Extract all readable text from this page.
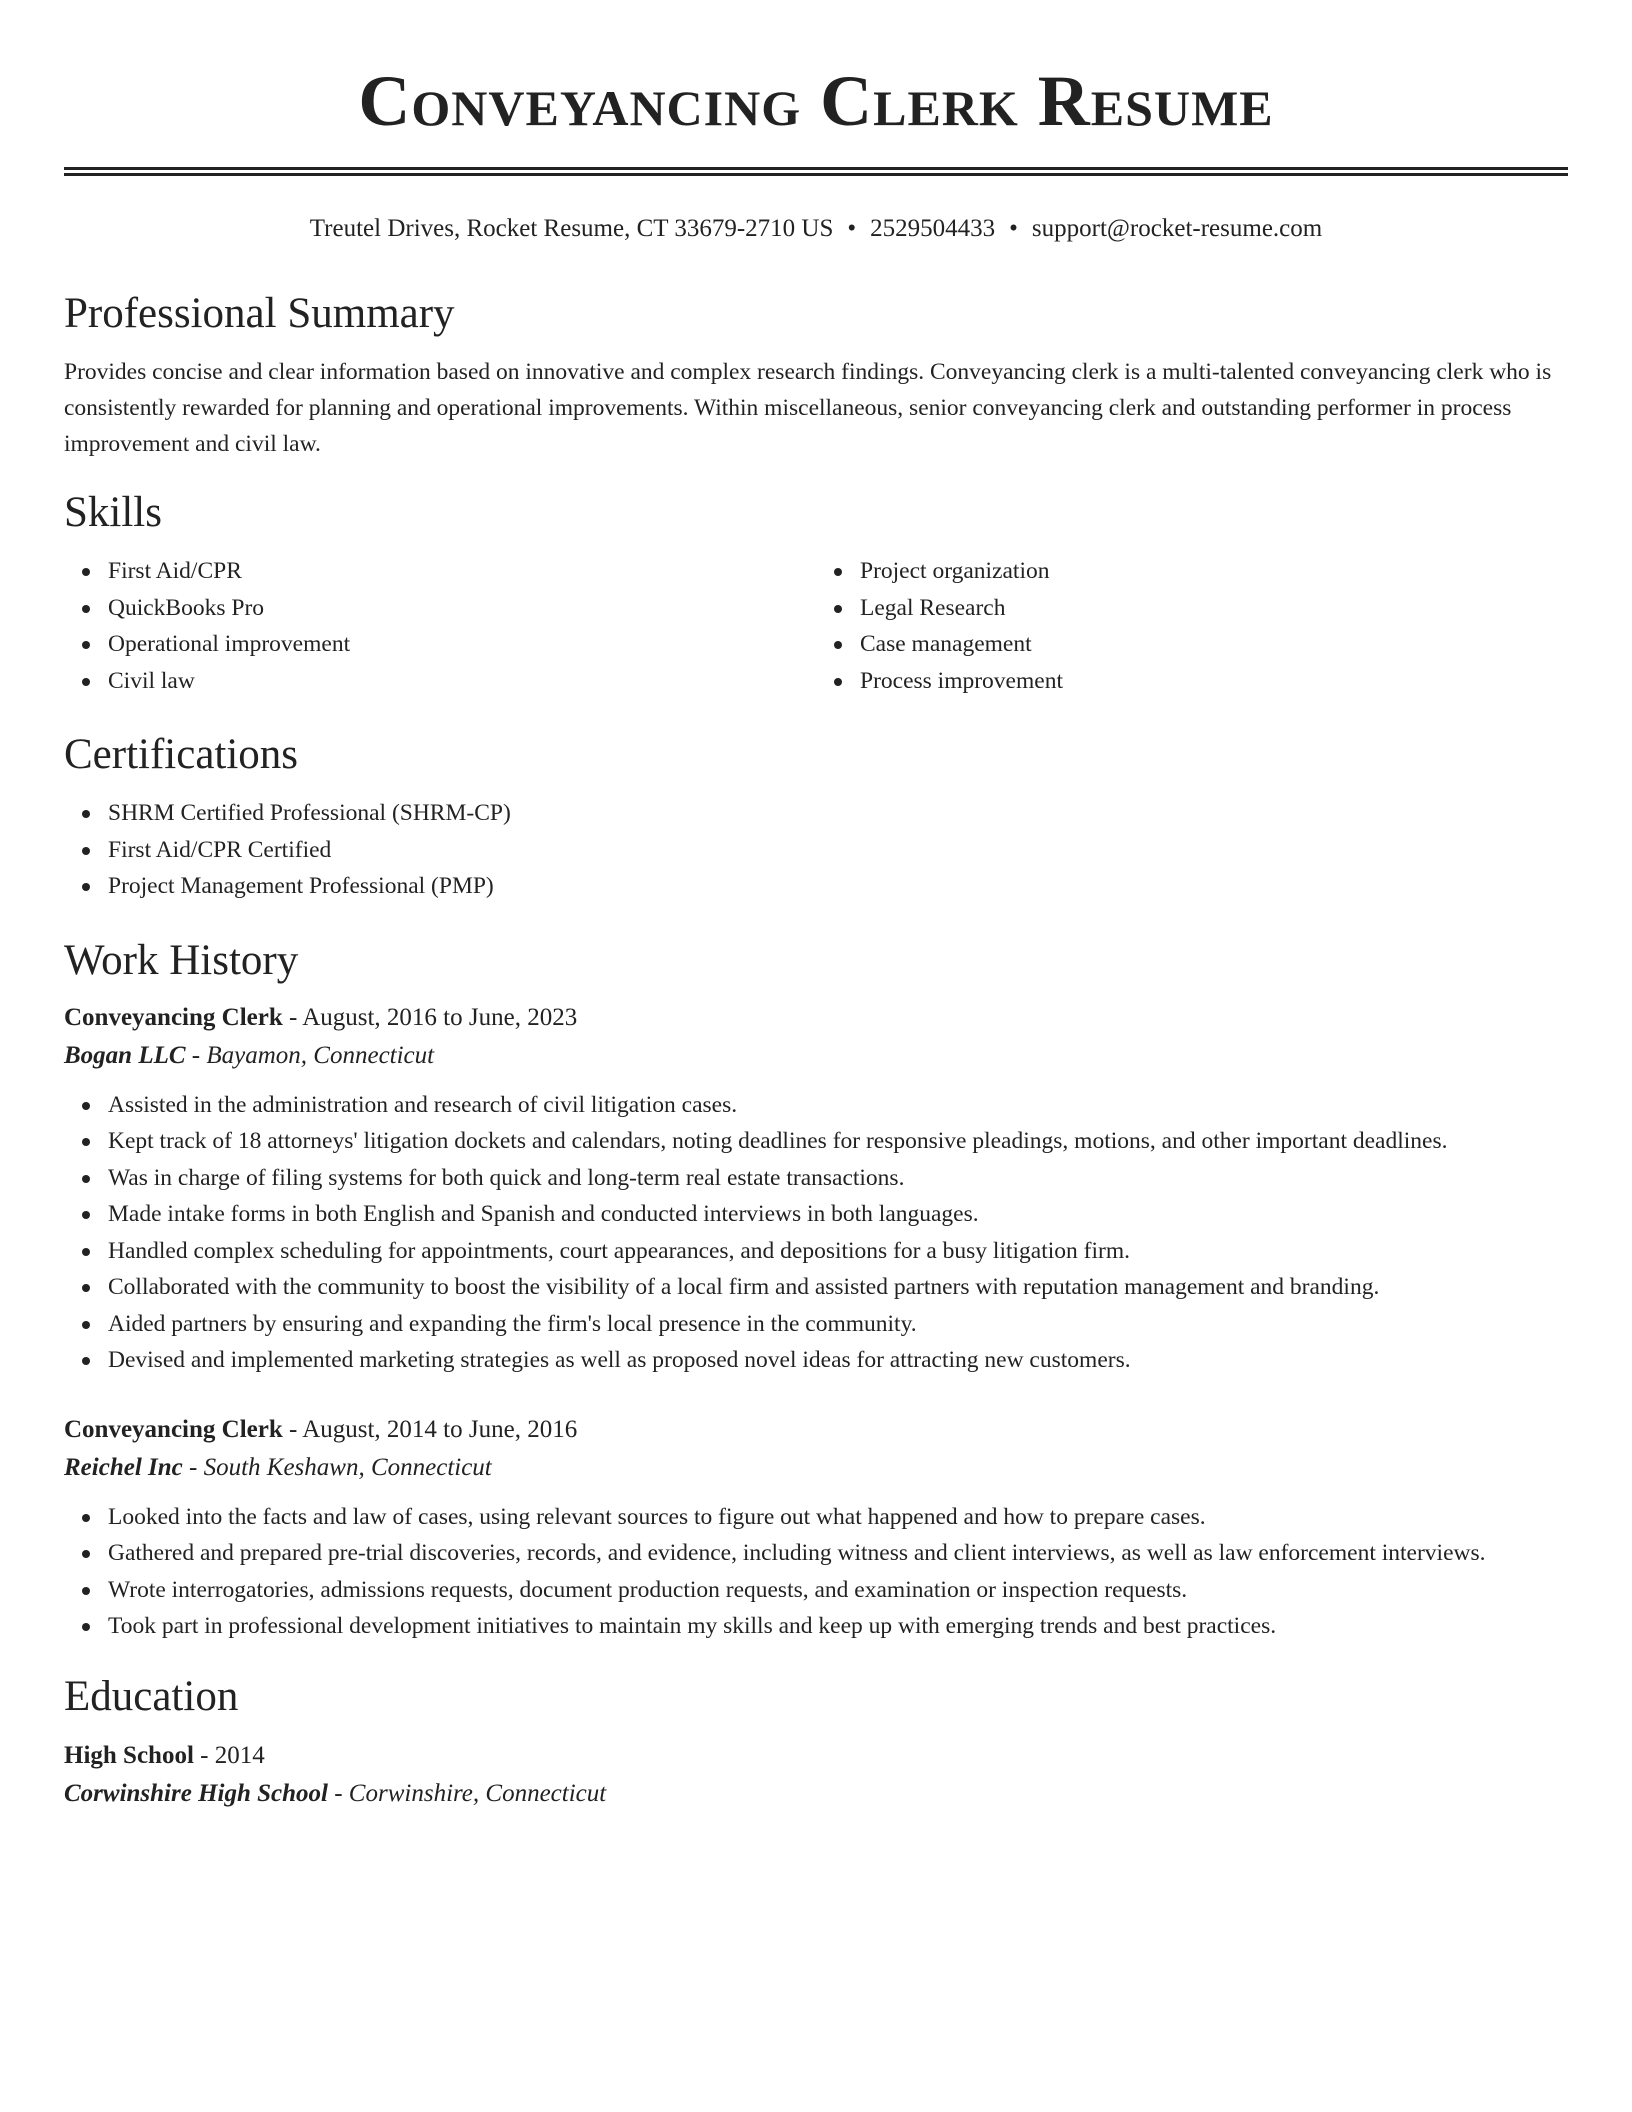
Conveyancing Clerk Resume
Treutel Drives, Rocket Resume, CT 33679-2710 US • 2529504433 • support@rocket-resume.com
Professional Summary

Provides concise and clear information based on innovative and complex research findings. Conveyancing clerk is a multi-talented conveyancing clerk who is consistently rewarded for planning and operational improvements. Within miscellaneous, senior conveyancing clerk and outstanding performer in process improvement and civil law.

Skills
First Aid/CPR
QuickBooks Pro
Operational improvement
Civil law
Project organization
Legal Research
Case management
Process improvement
Certifications
SHRM Certified Professional (SHRM-CP)
First Aid/CPR Certified
Project Management Professional (PMP)
Work History
Conveyancing Clerk - August, 2016 to June, 2023
Bogan LLC - Bayamon, Connecticut
Assisted in the administration and research of civil litigation cases.
Kept track of 18 attorneys' litigation dockets and calendars, noting deadlines for responsive pleadings, motions, and other important deadlines.
Was in charge of filing systems for both quick and long-term real estate transactions.
Made intake forms in both English and Spanish and conducted interviews in both languages.
Handled complex scheduling for appointments, court appearances, and depositions for a busy litigation firm.
Collaborated with the community to boost the visibility of a local firm and assisted partners with reputation management and branding.
Aided partners by ensuring and expanding the firm's local presence in the community.
Devised and implemented marketing strategies as well as proposed novel ideas for attracting new customers.
Conveyancing Clerk - August, 2014 to June, 2016
Reichel Inc - South Keshawn, Connecticut
Looked into the facts and law of cases, using relevant sources to figure out what happened and how to prepare cases.
Gathered and prepared pre-trial discoveries, records, and evidence, including witness and client interviews, as well as law enforcement interviews.
Wrote interrogatories, admissions requests, document production requests, and examination or inspection requests.
Took part in professional development initiatives to maintain my skills and keep up with emerging trends and best practices.
Education
High School - 2014
Corwinshire High School - Corwinshire, Connecticut
